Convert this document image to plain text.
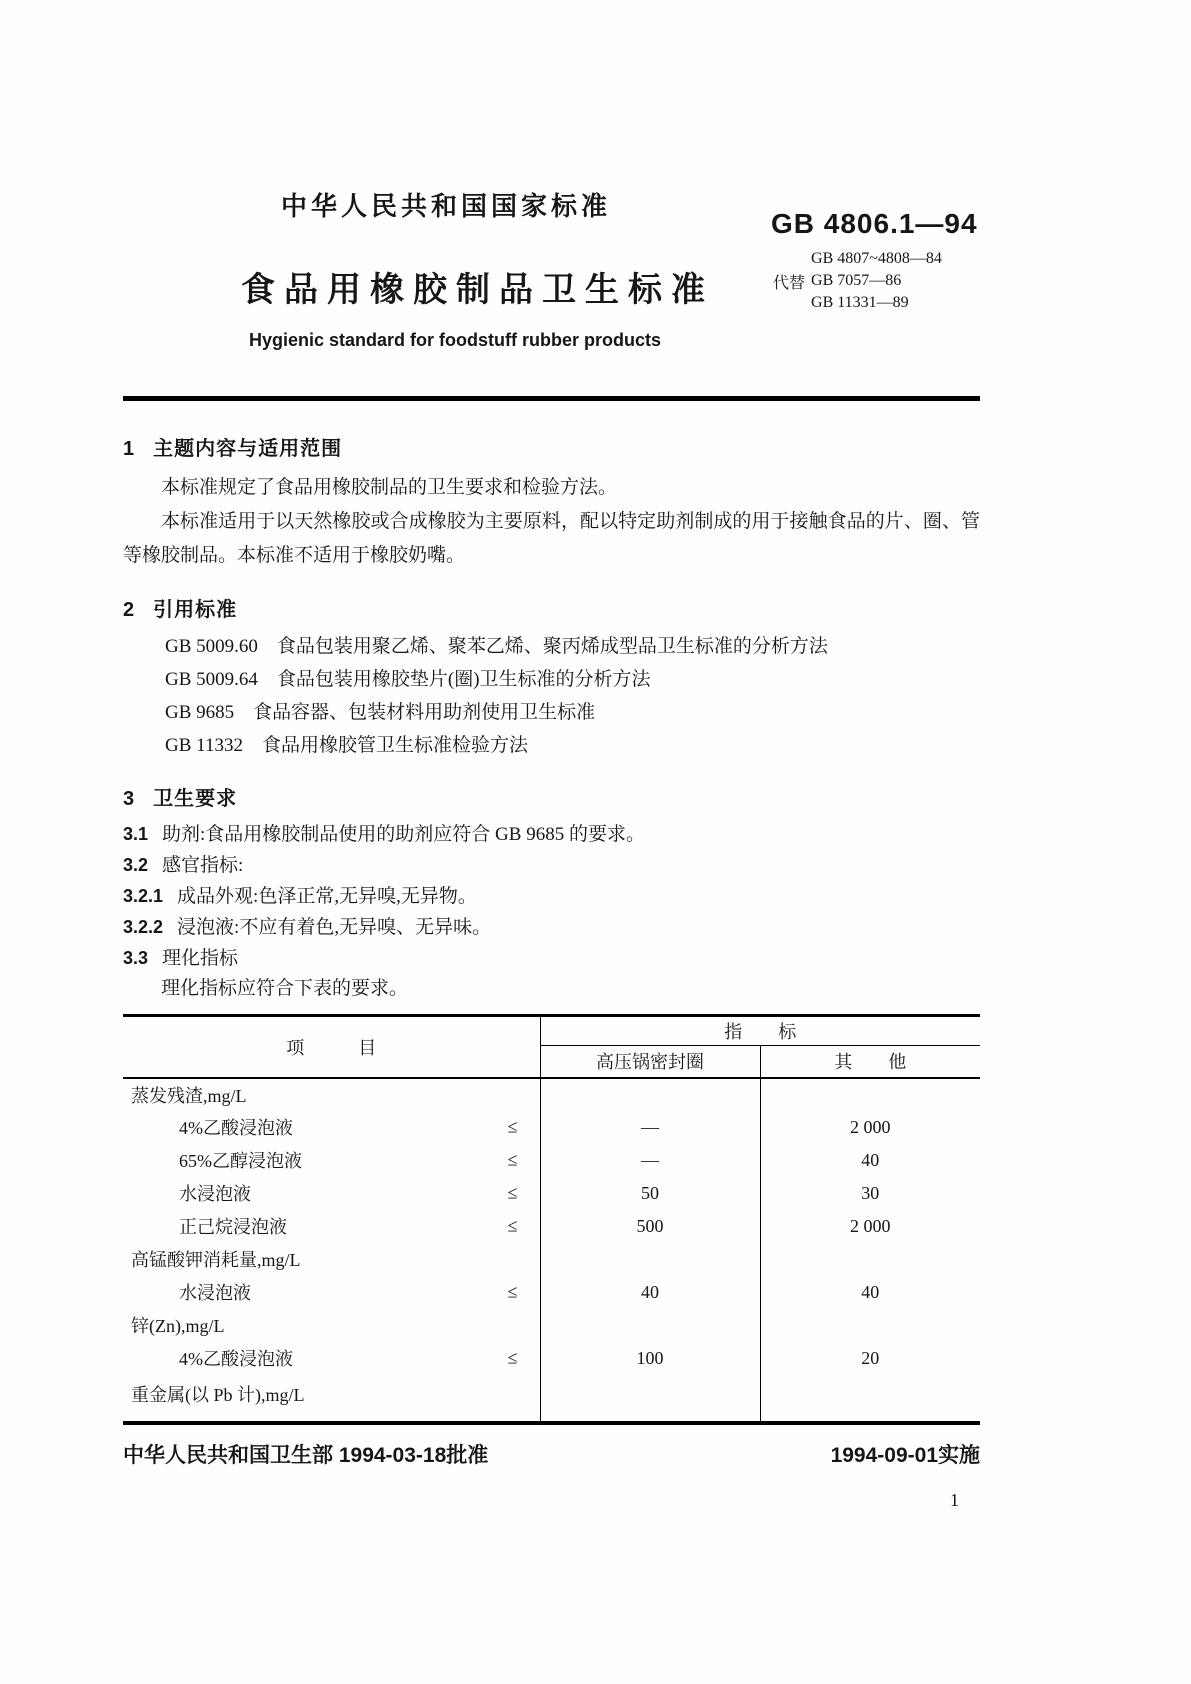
中华人民共和国国家标准
GB 4806.1—94
食品用橡胶制品卫生标准	代替
GB 4807~4808—84
GB 7057—86
GB 11331—89
Hygienic standard for foodstuff rubber products
1 主题内容与适用范围

本标准规定了食品用橡胶制品的卫生要求和检验方法。

本标准适用于以天然橡胶或合成橡胶为主要原料，配以特定助剂制成的用于接触食品的片、圈、管等橡胶制品。本标准不适用于橡胶奶嘴。

2 引用标准

GB 5009.60　食品包装用聚乙烯、聚苯乙烯、聚丙烯成型品卫生标准的分析方法

GB 5009.64　食品包装用橡胶垫片(圈)卫生标准的分析方法

GB 9685　食品容器、包装材料用助剂使用卫生标准

GB 11332　食品用橡胶管卫生标准检验方法

3 卫生要求

3.1 助剂:食品用橡胶制品使用的助剂应符合 GB 9685 的要求。

3.2 感官指标:

3.2.1 成品外观:色泽正常,无异嗅,无异物。

3.2.2 浸泡液:不应有着色,无异嗅、无异味。

3.3 理化指标

理化指标应符合下表的要求。

项　　　目	指　　标	
	高压锅密封圈	其　　他
蒸发残渣,mg/L

4%乙酸浸泡液 ≤	—	2 000
65%乙醇浸泡液 ≤	—	40
水浸泡液 ≤	50	30
正己烷浸泡液 ≤	500	2 000
高锰酸钾消耗量,mg/L

水浸泡液 ≤	40	40
锌(Zn),mg/L

4%乙酸浸泡液 ≤	100	20
重金属(以 Pb 计),mg/L

中华人民共和国卫生部 1994-03-18批准	1994-09-01实施
1
